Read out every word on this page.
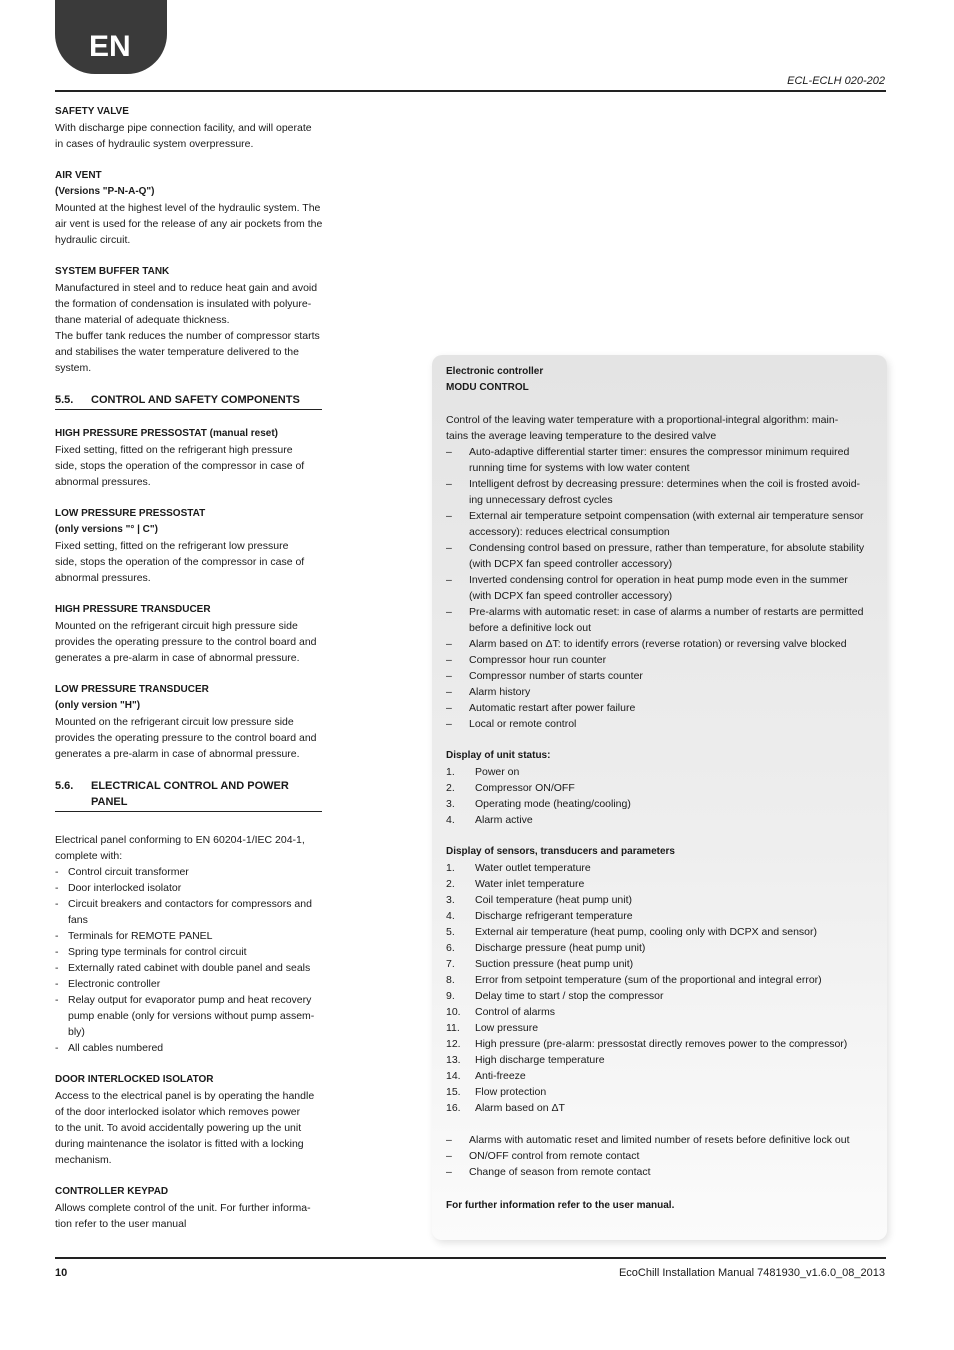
EN
ECL-ECLH 020-202

SAFETY VALVE

With discharge pipe connection facility, and will operate
in cases of hydraulic system overpressure.

AIR VENT

(Versions "P-N-A-Q")

Mounted at the highest level of the hydraulic system. The
air vent is used for the release of any air pockets from the
hydraulic circuit.

SYSTEM BUFFER TANK

Manufactured in steel and to reduce heat gain and avoid
the formation of condensation is insulated with polyure-
thane material of adequate thickness.
The buffer tank reduces the number of compressor starts
and stabilises the water temperature delivered to the
system.
5.5.	CONTROL AND SAFETY COMPONENTS

HIGH PRESSURE PRESSOSTAT (manual reset)

Fixed setting, fitted on the refrigerant high pressure
side, stops the operation of the compressor in case of
abnormal pressures.

LOW PRESSURE PRESSOSTAT

(only versions "° | C")

Fixed setting, fitted on the refrigerant low pressure
side, stops the operation of the compressor in case of
abnormal pressures.

HIGH PRESSURE TRANSDUCER

Mounted on the refrigerant circuit high pressure side
provides the operating pressure to the control board and
generates a pre-alarm in case of abnormal pressure.

LOW PRESSURE TRANSDUCER

(only version "H")

Mounted on the refrigerant circuit low pressure side
provides the operating pressure to the control board and
generates a pre-alarm in case of abnormal pressure.
5.6.	ELECTRICAL CONTROL AND POWER
PANEL
Electrical panel conforming to EN 60204-1/IEC 204-1,
complete with:
- Control circuit transformer
- Door interlocked isolator
- Circuit breakers and contactors for compressors and
fans
- Terminals for REMOTE PANEL
- Spring type terminals for control circuit
- Externally rated cabinet with double panel and seals
- Electronic controller
- Relay output for evaporator pump and heat recovery
pump enable (only for versions without pump assem-
bly)
- All cables numbered

DOOR INTERLOCKED ISOLATOR

Access to the electrical panel is by operating the handle
of the door interlocked isolator which removes power
to the unit. To avoid accidentally powering up the unit
during maintenance the isolator is fitted with a locking
mechanism.

CONTROLLER KEYPAD

Allows complete control of the unit. For further informa-
tion refer to the user manual

Electronic controller

MODU CONTROL

Control of the leaving water temperature with a proportional-integral algorithm: main-
tains the average leaving temperature to the desired valve
–	Auto-adaptive differential starter timer: ensures the compressor minimum required
running time for systems with low water content
–	Intelligent defrost by decreasing pressure: determines when the coil is frosted avoid-
ing unnecessary defrost cycles
–	External air temperature setpoint compensation (with external air temperature sensor
accessory): reduces electrical consumption
–	Condensing control based on pressure, rather than temperature, for absolute stability
(with DCPX fan speed controller accessory)
–	Inverted condensing control for operation in heat pump mode even in the summer
(with DCPX fan speed controller accessory)
–	Pre-alarms with automatic reset: in case of alarms a number of restarts are permitted
before a definitive lock out
–	Alarm based on ΔT: to identify errors (reverse rotation) or reversing valve blocked
–	Compressor hour run counter
–	Compressor number of starts counter
–	Alarm history
–	Automatic restart after power failure
–	Local or remote control

Display of unit status:

1.	Power on
2.	Compressor ON/OFF
3.	Operating mode (heating/cooling)
4.	Alarm active

Display of sensors, transducers and parameters

1.	Water outlet temperature
2.	Water inlet temperature
3.	Coil temperature (heat pump unit)
4.	Discharge refrigerant temperature
5.	External air temperature (heat pump, cooling only with DCPX and sensor)
6.	Discharge pressure (heat pump unit)
7.	Suction pressure (heat pump unit)
8.	Error from setpoint temperature (sum of the proportional and integral error)
9.	Delay time to start / stop the compressor
10.	Control of alarms
11.	Low pressure
12.	High pressure (pre-alarm: pressostat directly removes power to the compressor)
13.	High discharge temperature
14.	Anti-freeze
15.	Flow protection
16.	Alarm based on ΔT
–	Alarms with automatic reset and limited number of resets before definitive lock out
–	ON/OFF control from remote contact
–	Change of season from remote contact

For further information refer to the user manual.

10	EcoChill Installation Manual 7481930_v1.6.0_08_2013
